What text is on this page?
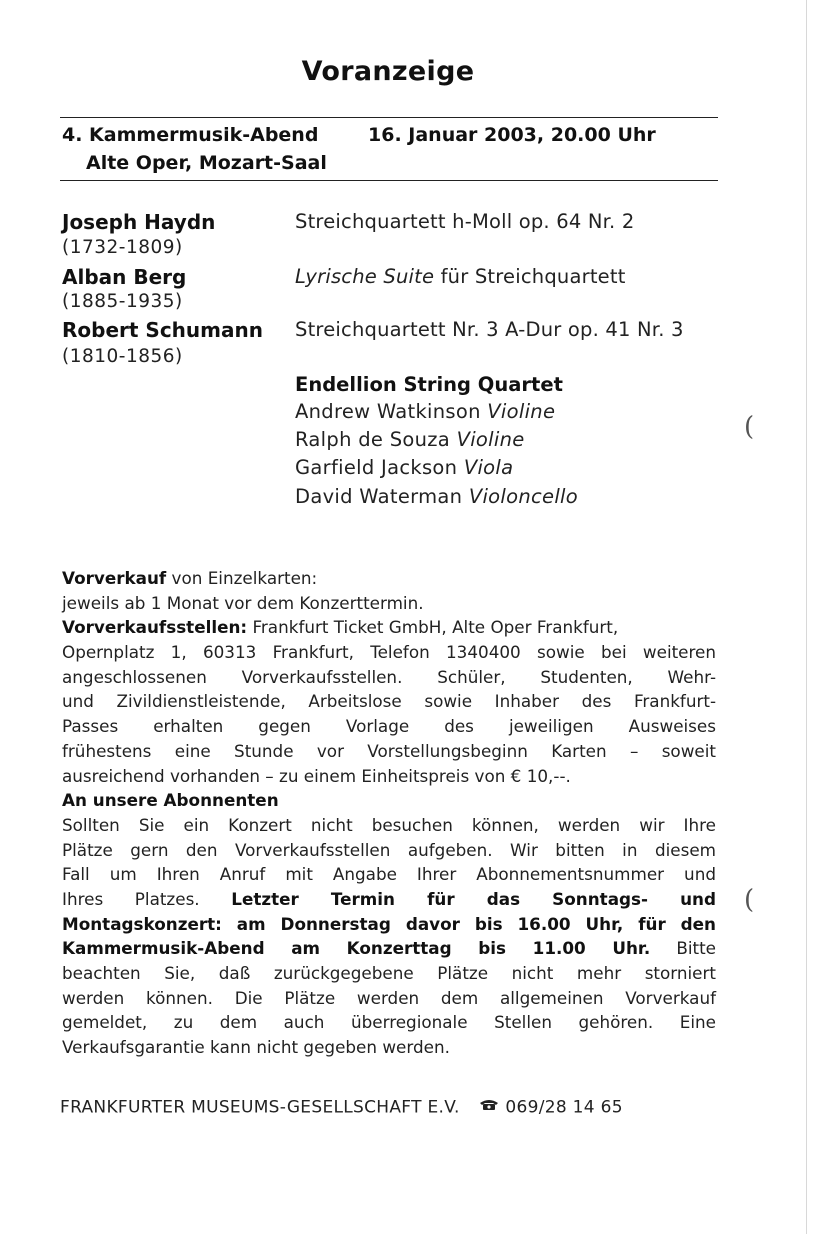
Voranzeige
4. Kammermusik-Abend	16. Januar 2003, 20.00 Uhr
Alte Oper, Mozart-Saal
Joseph Haydn
(1732-1809)
Streichquartett h-Moll op. 64 Nr. 2
Alban Berg
(1885-1935)
Lyrische Suite für Streichquartett
Robert Schumann
(1810-1856)
Streichquartett Nr. 3 A-Dur op. 41 Nr. 3
Endellion String Quartet
Andrew Watkinson Violine
Ralph de Souza Violine
Garfield Jackson Viola
David Waterman Violoncello
Vorverkauf von Einzelkarten:
jeweils ab 1 Monat vor dem Konzerttermin.
Vorverkaufsstellen: Frankfurt Ticket GmbH, Alte Oper Frankfurt,
Opernplatz 1, 60313 Frankfurt, Telefon 1340400 sowie bei weiteren
angeschlossenen Vorverkaufsstellen. Schüler, Studenten, Wehr-
und Zivildienstleistende, Arbeitslose sowie Inhaber des Frankfurt-
Passes erhalten gegen Vorlage des jeweiligen Ausweises
frühestens eine Stunde vor Vorstellungsbeginn Karten – soweit
ausreichend vorhanden – zu einem Einheitspreis von € 10,--.
An unsere Abonnenten
Sollten Sie ein Konzert nicht besuchen können, werden wir Ihre
Plätze gern den Vorverkaufsstellen aufgeben. Wir bitten in diesem
Fall um Ihren Anruf mit Angabe Ihrer Abonnementsnummer und
Ihres Platzes. Letzter Termin für das Sonntags- und
Montagskonzert: am Donnerstag davor bis 16.00 Uhr, für den
Kammermusik-Abend am Konzerttag bis 11.00 Uhr. Bitte
beachten Sie, daß zurückgegebene Plätze nicht mehr storniert
werden können. Die Plätze werden dem allgemeinen Vorverkauf
gemeldet, zu dem auch überregionale Stellen gehören. Eine
Verkaufsgarantie kann nicht gegeben werden.
FRANKFURTER MUSEUMS-GESELLSCHAFT E.V.	069/28 14 65
(
(
